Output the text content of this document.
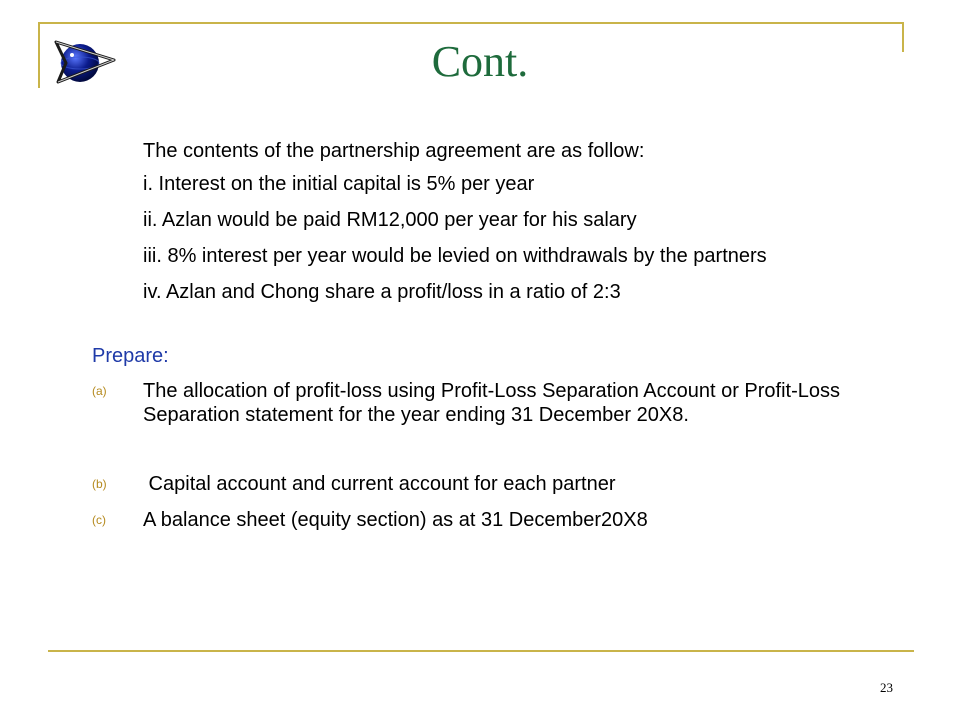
Cont.
The contents of the partnership agreement are as follow:
i. Interest on the initial capital is 5% per year
ii. Azlan would be paid RM12,000 per year for his salary
iii. 8% interest per year would be levied on withdrawals by the partners
iv. Azlan and Chong share a profit/loss in a ratio of 2:3
Prepare:
(a) The allocation of profit-loss using Profit-Loss Separation Account or Profit-Loss Separation statement for the year ending 31 December 20X8.
(b) Capital account and current account for each partner
(c) A balance sheet (equity section) as at 31 December20X8
23
